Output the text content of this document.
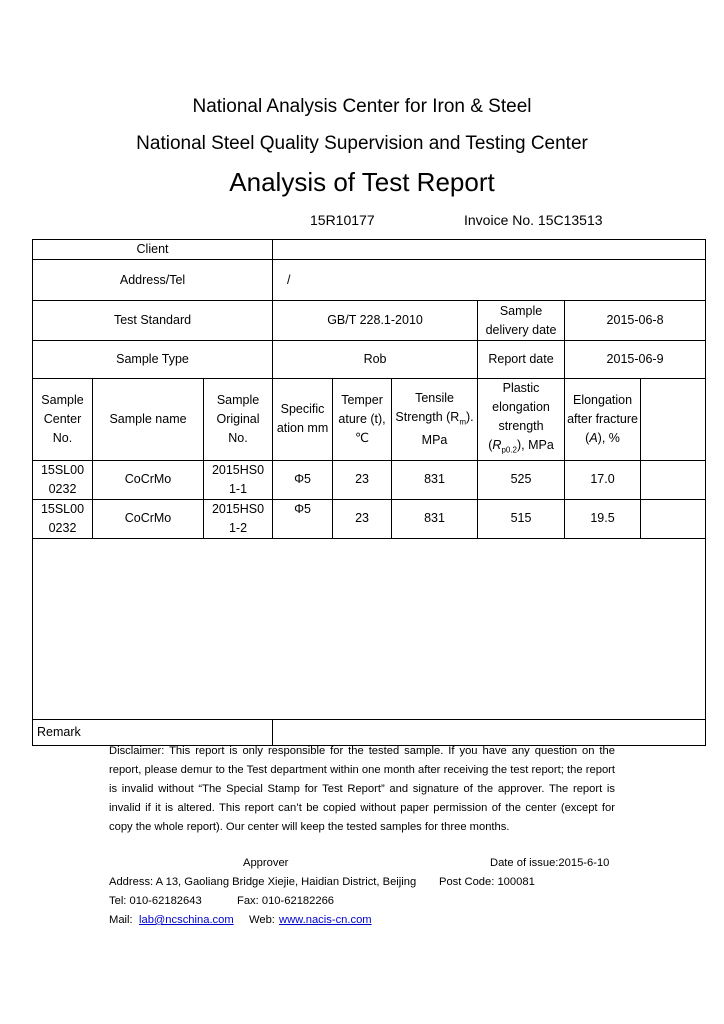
National Analysis Center for Iron & Steel
National Steel Quality Supervision and Testing Center
Analysis of Test Report
15R10177	Invoice No. 15C13513
Client								
Address/Tel			/					
Test Standard			GB/T 228.1-2010			Sample delivery date	2015-06-8	
Sample Type			Rob			Report date	2015-06-9	
Sample Center No.	Sample name	Sample Original No.	Specific ation mm	Temper ature (t), ℃	Tensile Strength $(R_m)$. MPa	Plastic elongation strength $(R_{p0.2})$, MPa	Elongation after fracture (A), %	
15SL00 0232	CoCrMo	2015HS0 1-1	Φ5	23	831	525	17.0	
15SL00 0232	CoCrMo	2015HS0 1-2	Φ5	23	831	515	19.5	

Remark								
Disclaimer: This report is only responsible for the tested sample. If you have any question on the report, please demur to the Test department within one month after receiving the test report; the report is invalid without “The Special Stamp for Test Report” and signature of the approver. The report is invalid if it is altered. This report can’t be copied without paper permission of the center (except for copy the whole report). Our center will keep the tested samples for three months.
Approver	Date of issue:2015-6-10
Address: A 13, Gaoliang Bridge Xiejie, Haidian District, Beijing Post Code: 100081
Tel: 010-62182643	Fax: 010-62182266
Mail: lab@ncschina.com Web: www.nacis-cn.com
